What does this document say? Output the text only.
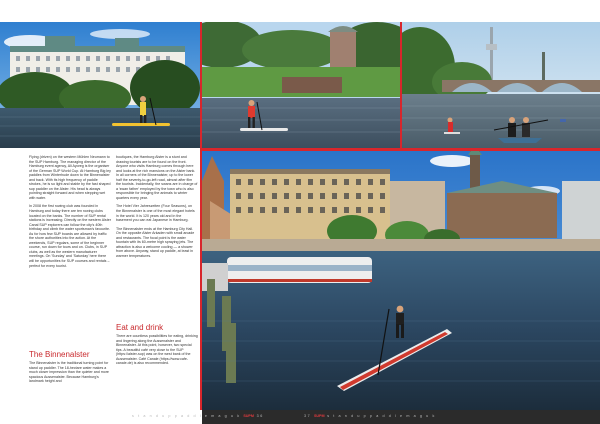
Flying (driven) on the western Mühlen Neumann to the SUP Hamburg. The managing director of the Hamburg event agency, Ali Ayoreg is the organiser of the German SUP World Cup. At Hamburg Big ley paddles from Winterhude down to the Binnenalster and back. With its high frequency of paddle strokes, he is so light and stable by the fast shaped sup paddler on the Alster. His head is always pointing straight forward and when stepping wet with water.

In 2008 the first rowing club was founded in Hamburg and today there are ten rowing clubs located on the banks. The number of SUP rental stations is increasing. Directly on the western Alster Canal SUP explorers can follow the city's 40th birthday and climb the water sportsman's favourite. As for how few SUP boards are allowed by traffic the shore authorities into the action. At the weekends, SUP regulars, some of the beginner course, run down for tours and on. Clubs, in SUP clubs, as well as the western manufacturer meetings. On 'Sunday' and 'Saturday' here there will be opportunities for SUP courses and rentals – perfect for every tourist.

The Binnenalster

The Binnenalster is the traditional turning point for stand up paddler. The 18-hectare water makes a much closer impression than the quieter and more spacious Aussenalster. Because Hamburg's landmark height and

boutiques, the Hamburg Alster is a stunt and drawing tourists are to be found on the front. Anyone who visits Hamburg comes through here and looks at the rich mansions on the Alster bank. In all corners of the Binnenalster, up to the lower half the seventy-to-go-left road, almost after film the tourists. Incidentally, the swans are in charge of a 'swan father' employed by the town who is also responsible for bringing the animals to winter quarters every year.

The Hotel Vier Jahreszeiten (Four Seasons), on the Binnenalster is one of the most elegant hotels in the world. It is 120 years old and in the basement you can eat Japanese in Hamburg.

The Binnenalster ends at the Hamburg City Hall. On the opposite Alster Arkaden with small arcade and restaurants. The focal point is the water fountain with its 60-metre high spraying jets. The attraction is also a welcome cooling — a shower from above. Anyway, stand up paddle, at least in warmer temperatures.

Eat and drink

There are countless possibilities for eating, drinking and lingering along the Aussenalster and Binnenalster. At this point, however, two special tips. A beautiful café very close to the SUP (https://alster-sup) was on the west bank of the Aussenalster. Café Canale (https://www.cafe-canale.de) is also recommended.

s t a n d u p p a d d l e m a g u k SUPM 36	37 SUPM s t a n d u p p a d d l e m a g u k
